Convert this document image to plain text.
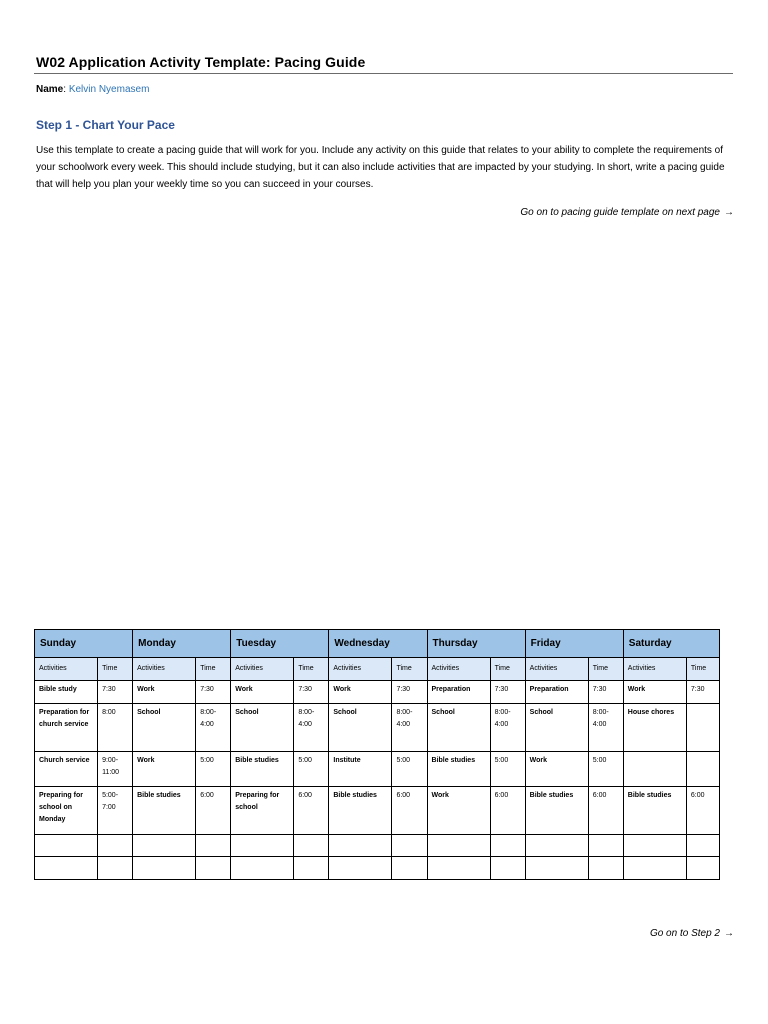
W02 Application Activity Template: Pacing Guide
Name: Kelvin Nyemasem
Step 1 - Chart Your Pace
Use this template to create a pacing guide that will work for you. Include any activity on this guide that relates to your ability to complete the requirements of your schoolwork every week. This should include studying, but it can also include activities that are impacted by your studying. In short, write a pacing guide that will help you plan your weekly time so you can succeed in your courses.
Go on to pacing guide template on next page →
Sunday		Monday		Tuesday		Wednesday		Thursday		Friday		Saturday	
Activities	Time	Activities	Time	Activities	Time	Activities	Time	Activities	Time	Activities	Time	Activities	Time
Bible study	7:30	Work	7:30	Work	7:30	Work	7:30	Preparation	7:30	Preparation	7:30	Work	7:30
Preparation for church service	8:00	School	8:00-4:00	School	8:00-4:00	School	8:00-4:00	School	8:00-4:00	School	8:00-4:00	House chores	
Church service	9:00-11:00	Work	5:00	Bible studies	5:00	Institute	5:00	Bible studies	5:00	Work	5:00		
Preparing for school on Monday	5:00-7:00	Bible studies	6:00	Preparing for school	6:00	Bible studies	6:00	Work	6:00	Bible studies	6:00	Bible studies	6:00

Go on to Step 2 →
